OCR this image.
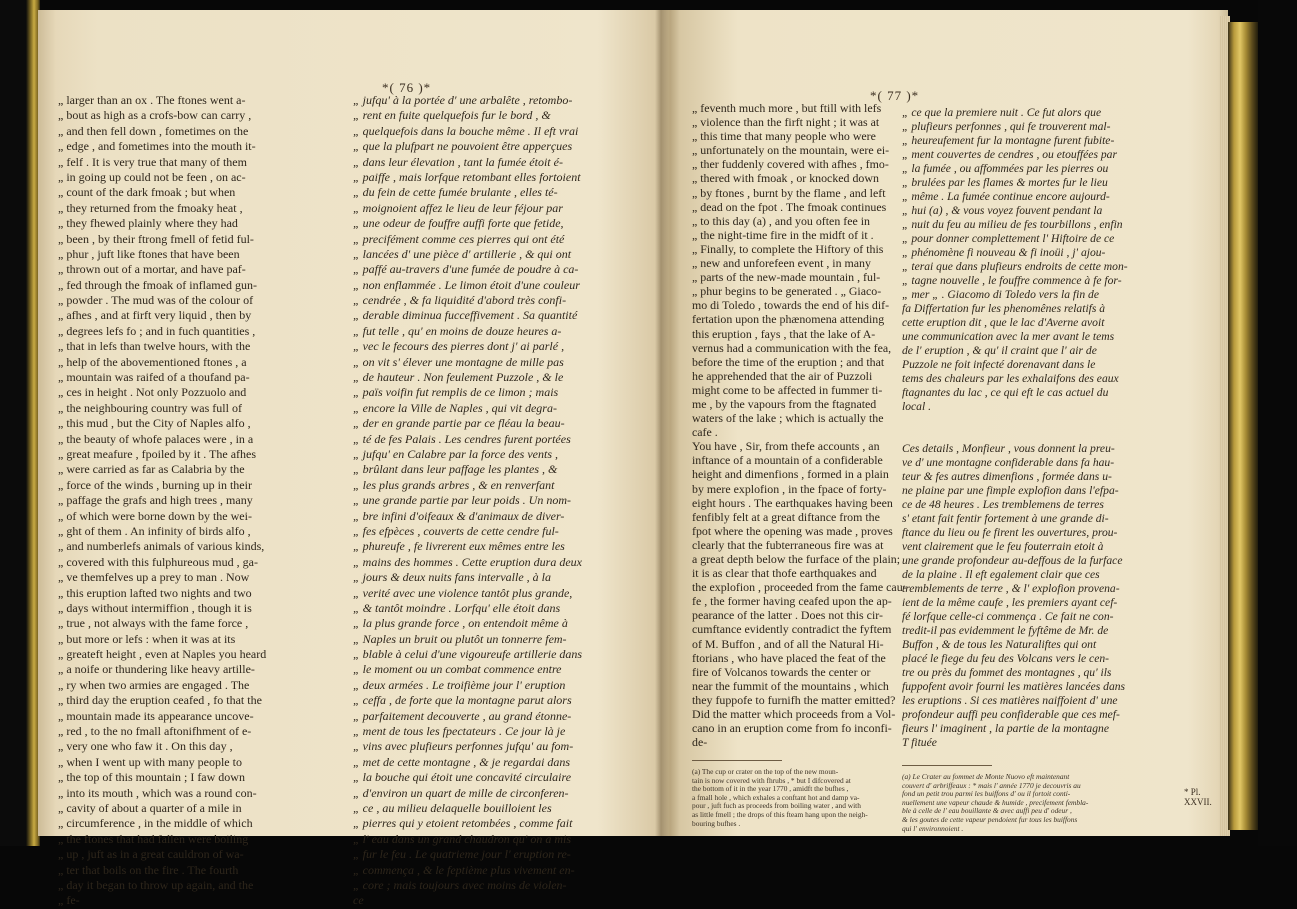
*( 76 )*
„ larger than an ox . The ftones went a-
„ bout as high as a crofs-bow can carry ,
„ and then fell down , fometimes on the
„ edge , and fometimes into the mouth it-
„ felf . It is very true that many of them
„ in going up could not be feen , on ac-
„ count of the dark fmoak ; but when
„ they returned from the fmoaky heat ,
„ they fhewed plainly where they had
„ been , by their ftrong fmell of fetid ful-
„ phur , juft like ftones that have been
„ thrown out of a mortar, and have paf-
„ fed through the fmoak of inflamed gun-
„ powder . The mud was of the colour of
„ afhes , and at firft very liquid , then by
„ degrees lefs fo ; and in fuch quantities ,
„ that in lefs than twelve hours, with the
„ help of the abovementioned ftones , a
„ mountain was raifed of a thoufand pa-
„ ces in height . Not only Pozzuolo and
„ the neighbouring country was full of
„ this mud , but the City of Naples alfo ,
„ the beauty of whofe palaces were , in a
„ great meafure , fpoiled by it . The afhes
„ were carried as far as Calabria by the
„ force of the winds , burning up in their
„ paffage the grafs and high trees , many
„ of which were borne down by the wei-
„ ght of them . An infinity of birds alfo ,
„ and numberlefs animals of various kinds,
„ covered with this fulphureous mud , ga-
„ ve themfelves up a prey to man . Now
„ this eruption lafted two nights and two
„ days without intermiffion , though it is
„ true , not always with the fame force ,
„ but more or lefs : when it was at its
„ greateft height , even at Naples you heard
„ a noife or thundering like heavy artille-
„ ry when two armies are engaged . The
„ third day the eruption ceafed , fo that the
„ mountain made its appearance uncove-
„ red , to the no fmall aftonifhment of e-
„ very one who faw it . On this day ,
„ when I went up with many people to
„ the top of this mountain ; I faw down
„ into its mouth , which was a round con-
„ cavity of about a quarter of a mile in
„ circumference , in the middle of which
„ the ftones that had fallen were boiling
„ up , juft as in a great cauldron of wa-
„ ter that boils on the fire . The fourth
„ day it began to throw up again, and the
„ fe-
„ jufqu' à la portée d' une arbalête , retombo-
„ rent en fuite quelquefois fur le bord , &
„ quelquefois dans la bouche même . Il eft vrai
„ que la plufpart ne pouvoient être apperçues
„ dans leur élevation , tant la fumée étoit é-
„ paiffe , mais lorfque retombant elles fortoient
„ du fein de cette fumée brulante , elles té-
„ moignoient affez le lieu de leur féjour par
„ une odeur de fouffre auffi forte que fetide,
„ precifément comme ces pierres qui ont été
„ lancées d' une pièce d' artillerie , & qui ont
„ paffé au-travers d'une fumée de poudre à ca-
„ non enflammée . Le limon étoit d'une couleur
„ cendrée , & fa liquidité d'abord très confi-
„ derable diminua fucceffivement . Sa quantité
„ fut telle , qu' en moins de douze heures a-
„ vec le fecours des pierres dont j' ai parlé ,
„ on vit s' élever une montagne de mille pas
„ de hauteur . Non feulement Puzzole , & le
„ païs voifin fut remplis de ce limon ; mais
„ encore la Ville de Naples , qui vit degra-
„ der en grande partie par ce fléau la beau-
„ té de fes Palais . Les cendres furent portées
„ jufqu' en Calabre par la force des vents ,
„ brûlant dans leur paffage les plantes , &
„ les plus grands arbres , & en renverfant
„ une grande partie par leur poids . Un nom-
„ bre infini d'oifeaux & d'animaux de diver-
„ fes efpèces , couverts de cette cendre ful-
„ phureufe , fe livrerent eux mêmes entre les
„ mains des hommes . Cette eruption dura deux
„ jours & deux nuits fans intervalle , à la
„ verité avec une violence tantôt plus grande,
„ & tantôt moindre . Lorfqu' elle étoit dans
„ la plus grande force , on entendoit même à
„ Naples un bruit ou plutôt un tonnerre fem-
„ blable à celui d'une vigoureufe artillerie dans
„ le moment ou un combat commence entre
„ deux armées . Le troifième jour l' eruption
„ ceffa , de forte que la montagne parut alors
„ parfaitement decouverte , au grand étonne-
„ ment de tous les fpectateurs . Ce jour là je
„ vins avec plufieurs perfonnes jufqu' au fom-
„ met de cette montagne , & je regardai dans
„ la bouche qui étoit une concavité circulaire
„ d'environ un quart de mille de circonferen-
„ ce , au milieu delaquelle bouilloient les
„ pierres qui y etoient retombées , comme fait
„ l' eau dans un grand chaudron qu' on a mis
„ fur le feu . Le quatrieme jour l' eruption re-
„ commença , & le feptième plus vivement en-
„ core ; mais toujours avec moins de violen-
ce
*( 77 )*
„ feventh much more , but ftill with lefs
„ violence than the firft night ; it was at
„ this time that many people who were
„ unfortunately on the mountain, were ei-
„ ther fuddenly covered with afhes , fmo-
„ thered with fmoak , or knocked down
„ by ftones , burnt by the flame , and left
„ dead on the fpot . The fmoak continues
„ to this day (a) , and you often fee in
„ the night-time fire in the midft of it .
„ Finally, to complete the Hiftory of this
„ new and unforefeen event , in many
„ parts of the new-made mountain , ful-
„ phur begins to be generated . „ Giaco-
mo di Toledo , towards the end of his dif-
fertation upon the phænomena attending
this eruption , fays , that the lake of A-
vernus had a communication with the fea,
before the time of the eruption ; and that
he apprehended that the air of Puzzoli
might come to be affected in fummer ti-
me , by the vapours from the ftagnated
waters of the lake ; which is actually the
cafe .
You have , Sir, from thefe accounts , an
inftance of a mountain of a confiderable
height and dimenfions , formed in a plain
by mere explofion , in the fpace of forty-
eight hours . The earthquakes having been
fenfibly felt at a great diftance from the
fpot where the opening was made , proves
clearly that the fubterraneous fire was at
a great depth below the furface of the plain;
it is as clear that thofe earthquakes and
the explofion , proceeded from the fame cau-
fe , the former having ceafed upon the ap-
pearance of the latter . Does not this cir-
cumftance evidently contradict the fyftem
of M. Buffon , and of all the Natural Hi-
ftorians , who have placed the feat of the
fire of Volcanos towards the center or
near the fummit of the mountains , which
they fuppofe to furnifh the matter emitted?
Did the matter which proceeds from a Vol-
cano in an eruption come from fo inconfi-
de-
(a) The cup or crater on the top of the new moun-
tain is now covered with fhrubs , * but I difcovered at
the bottom of it in the year 1770 , amidft the bufhes ,
a fmall hole , which exhales a conftant hot and damp va-
pour , juft fuch as proceeds from boiling water , and with
as little fmell ; the drops of this fteam hang upon the neigh-
bouring bufhes .
„ ce que la premiere nuit . Ce fut alors que
„ plufieurs perfonnes , qui fe trouverent mal-
„ heureufement fur la montagne furent fubite-
„ ment couvertes de cendres , ou etouffées par
„ la fumée , ou affommées par les pierres ou
„ brulées par les flames & mortes fur le lieu
„ même . La fumée continue encore aujourd-
„ hui (a) , & vous voyez fouvent pendant la
„ nuit du feu au milieu de fes tourbillons , enfin
„ pour donner complettement l' Hiftoire de ce
„ phénomène fi nouveau & fi inoüi , j' ajou-
„ terai que dans plufieurs endroits de cette mon-
„ tagne nouvelle , le fouffre commence à fe for-
„ mer „ . Giacomo di Toledo vers la fin de
fa Differtation fur les phenomênes relatifs à
cette eruption dit , que le lac d'Averne avoit
une communication avec la mer avant le tems
de l' eruption , & qu' il craint que l' air de
Puzzole ne foit infecté dorenavant dans le
tems des chaleurs par les exhalaifons des eaux
ftagnantes du lac , ce qui eft le cas actuel du
local .
Ces details , Monfieur , vous donnent la preu-
ve d' une montagne confiderable dans fa hau-
teur & fes autres dimenfions , formée dans u-
ne plaine par une fimple explofion dans l'efpa-
ce de 48 heures . Les tremblemens de terres
s' etant fait fentir fortement à une grande di-
ftance du lieu ou fe firent les ouvertures, prou-
vent clairement que le feu fouterrain etoit à
une grande profondeur au-deffous de la furface
de la plaine . Il eft egalement clair que ces
tremblements de terre , & l' explofion provena-
ient de la même caufe , les premiers ayant cef-
fé lorfque celle-ci commença . Ce fait ne con-
tredit-il pas evidemment le fyftême de Mr. de
Buffon , & de tous les Naturaliftes qui ont
placé le fiege du feu des Volcans vers le cen-
tre ou près du fommet des montagnes , qu' ils
fuppofent avoir fourni les matières lancées dans
les eruptions . Si ces matières naiffoient d' une
profondeur auffi peu confiderable que ces mef-
fieurs l' imaginent , la partie de la montagne
T fituée
(a) Le Crater au fommet de Monte Nuovo eft maintenant
couvert d' arbriffeaux : * mais l' année 1770 je decouvris au
fond un petit trou parmi les buiffons d' ou il fortoit conti-
nuellement une vapeur chaude & humide , precifement fembla-
ble à celle de l' eau bouillante & avec auffi peu d' odeur ,
& les goutes de cette vapeur pendoient fur tous les buiffons
qui l' environnoient .
* Pl.
XXVII.
